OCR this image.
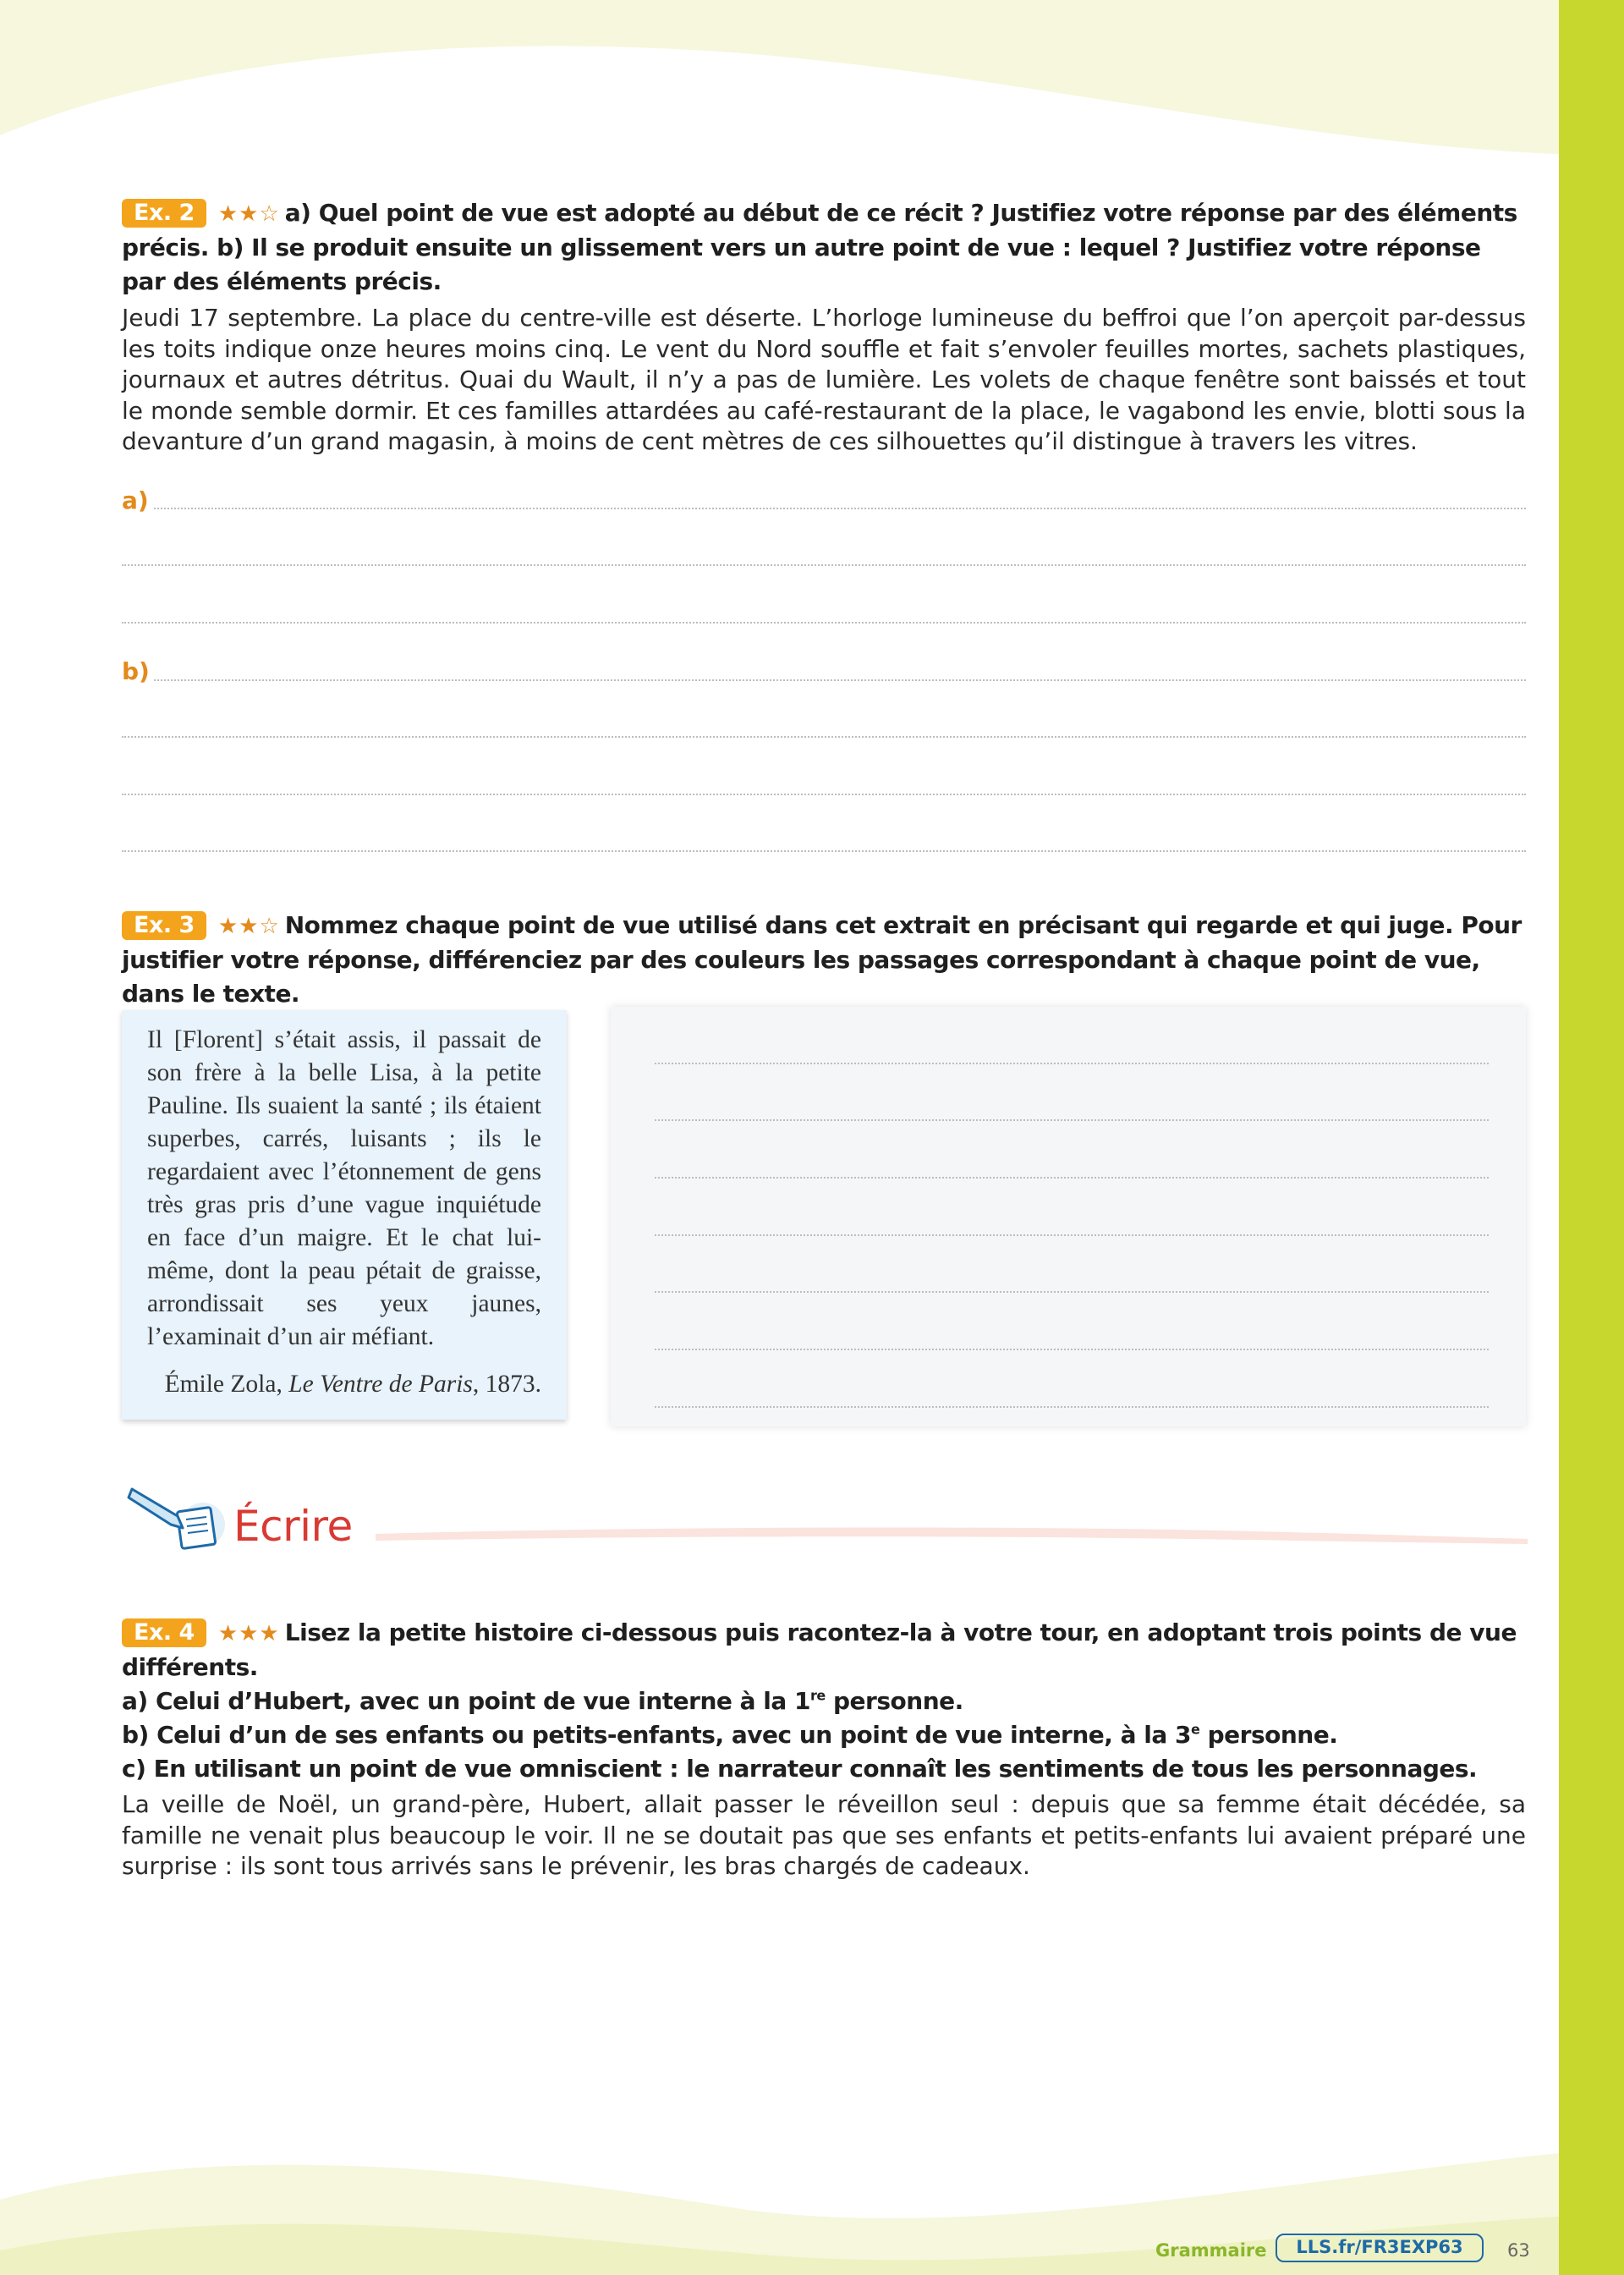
Ex. 2 ★★☆ a) Quel point de vue est adopté au début de ce récit ? Justifiez votre réponse par des éléments précis. b) Il se produit ensuite un glissement vers un autre point de vue : lequel ? Justifiez votre réponse par des éléments précis.
Jeudi 17 septembre. La place du centre-ville est déserte. L’horloge lumineuse du beffroi que l’on aperçoit par-dessus les toits indique onze heures moins cinq. Le vent du Nord souffle et fait s’envoler feuilles mortes, sachets plastiques, journaux et autres détritus. Quai du Wault, il n’y a pas de lumière. Les volets de chaque fenêtre sont baissés et tout le monde semble dormir. Et ces familles attardées au café-restaurant de la place, le vagabond les envie, blotti sous la devanture d’un grand magasin, à moins de cent mètres de ces silhouettes qu’il distingue à travers les vitres.
a)
b)
Ex. 3 ★★☆ Nommez chaque point de vue utilisé dans cet extrait en précisant qui regarde et qui juge. Pour justifier votre réponse, différenciez par des couleurs les passages correspondant à chaque point de vue, dans le texte.
Il [Florent] s’était assis, il passait de son frère à la belle Lisa, à la petite Pauline. Ils suaient la santé ; ils étaient superbes, carrés, luisants ; ils le regardaient avec l’étonnement de gens très gras pris d’une vague inquiétude en face d’un maigre. Et le chat lui-même, dont la peau pétait de graisse, arrondissait ses yeux jaunes, l’examinait d’un air méfiant.
Émile Zola, Le Ventre de Paris, 1873.
Écrire
Ex. 4 ★★★ Lisez la petite histoire ci-dessous puis racontez-la à votre tour, en adoptant trois points de vue différents.
a) Celui d’Hubert, avec un point de vue interne à la 1re personne.
b) Celui d’un de ses enfants ou petits-enfants, avec un point de vue interne, à la 3e personne.
c) En utilisant un point de vue omniscient : le narrateur connaît les sentiments de tous les personnages.
La veille de Noël, un grand-père, Hubert, allait passer le réveillon seul : depuis que sa femme était décédée, sa famille ne venait plus beaucoup le voir. Il ne se doutait pas que ses enfants et petits-enfants lui avaient préparé une surprise : ils sont tous arrivés sans le prévenir, les bras chargés de cadeaux.
Grammaire	LLS.fr/FR3EXP63	63
